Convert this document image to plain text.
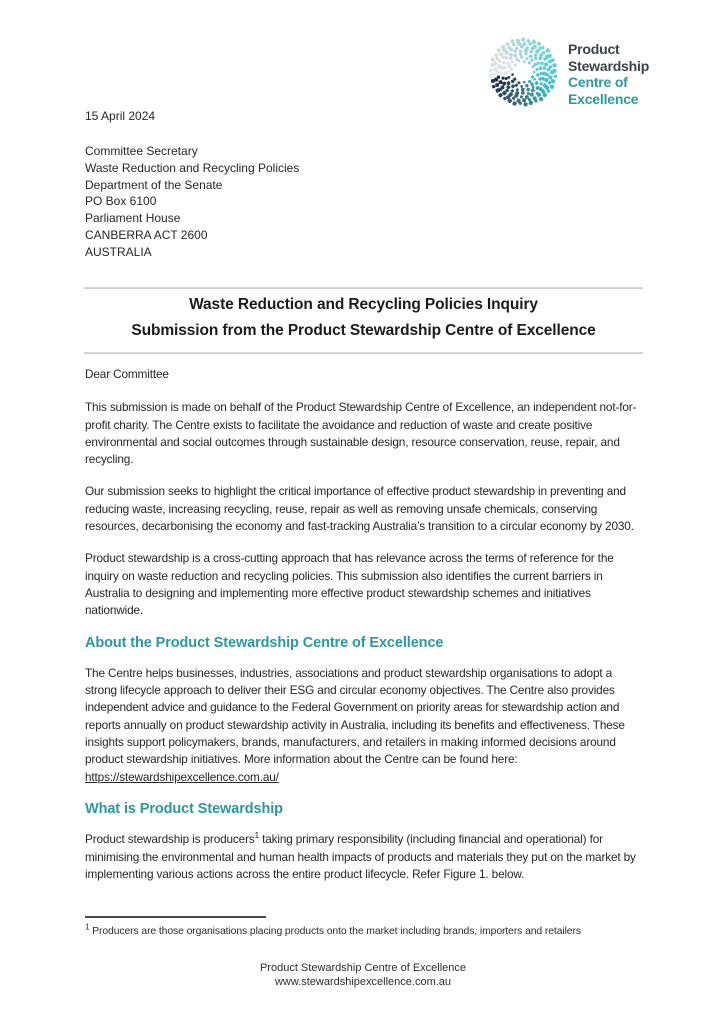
Product
Stewardship
Centre of
Excellence
15 April 2024
Committee Secretary
Waste Reduction and Recycling Policies
Department of the Senate
PO Box 6100
Parliament House
CANBERRA ACT 2600
AUSTRALIA
Waste Reduction and Recycling Policies Inquiry
Submission from the Product Stewardship Centre of Excellence

Dear Committee

This submission is made on behalf of the Product Stewardship Centre of Excellence, an independent not-for-profit charity. The Centre exists to facilitate the avoidance and reduction of waste and create positive environmental and social outcomes through sustainable design, resource conservation, reuse, repair, and recycling.

Our submission seeks to highlight the critical importance of effective product stewardship in preventing and reducing waste, increasing recycling, reuse, repair as well as removing unsafe chemicals, conserving resources, decarbonising the economy and fast-tracking Australia’s transition to a circular economy by 2030.

Product stewardship is a cross-cutting approach that has relevance across the terms of reference for the inquiry on waste reduction and recycling policies. This submission also identifies the current barriers in Australia to designing and implementing more effective product stewardship schemes and initiatives nationwide.

About the Product Stewardship Centre of Excellence

The Centre helps businesses, industries, associations and product stewardship organisations to adopt a strong lifecycle approach to deliver their ESG and circular economy objectives. The Centre also provides independent advice and guidance to the Federal Government on priority areas for stewardship action and reports annually on product stewardship activity in Australia, including its benefits and effectiveness. These insights support policymakers, brands, manufacturers, and retailers in making informed decisions around product stewardship initiatives. More information about the Centre can be found here: https://stewardshipexcellence.com.au/

What is Product Stewardship

Product stewardship is producers$^1$ taking primary responsibility (including financial and operational) for minimising the environmental and human health impacts of products and materials they put on the market by implementing various actions across the entire product lifecycle. Refer Figure 1. below.

$^1$ Producers are those organisations placing products onto the market including brands, importers and retailers
Product Stewardship Centre of Excellence
www.stewardshipexcellence.com.au
